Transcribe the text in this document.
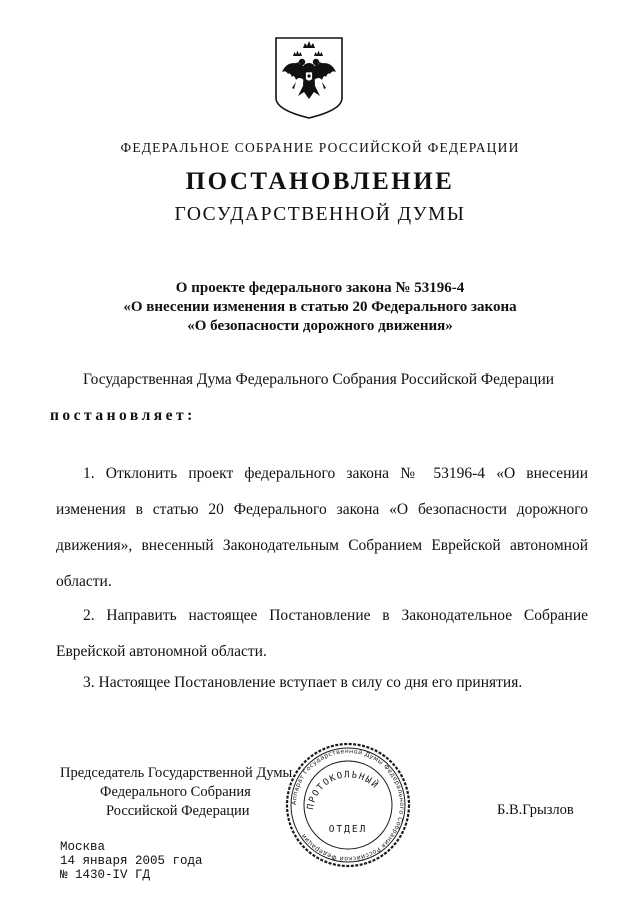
ФЕДЕРАЛЬНОЕ СОБРАНИЕ РОССИЙСКОЙ ФЕДЕРАЦИИ
ПОСТАНОВЛЕНИЕ
ГОСУДАРСТВЕННОЙ ДУМЫ
О проекте федерального закона № 53196-4
«О внесении изменения в статью 20 Федерального закона
«О безопасности дорожного движения»
Государственная Дума Федерального Собрания Российской Федерации
постановляет:
1. Отклонить проект федерального закона № 53196-4 «О внесении изменения в статью 20 Федерального закона «О безопасности дорожного движения», внесенный Законодательным Собранием Еврейской автономной области.
2. Направить настоящее Постановление в Законодательное Собрание Еврейской автономной области.
3. Настоящее Постановление вступает в силу со дня его принятия.
Председатель Государственной Думы
Федерального Собрания
Российской Федерации	Б.В.Грызлов
Москва
14 января 2005 года
№ 1430-IV ГД
Аппарат Государственной Думы Федерального Собрания Российской Федерации
ПРОТОКОЛЬНЫЙ
ОТДЕЛ
